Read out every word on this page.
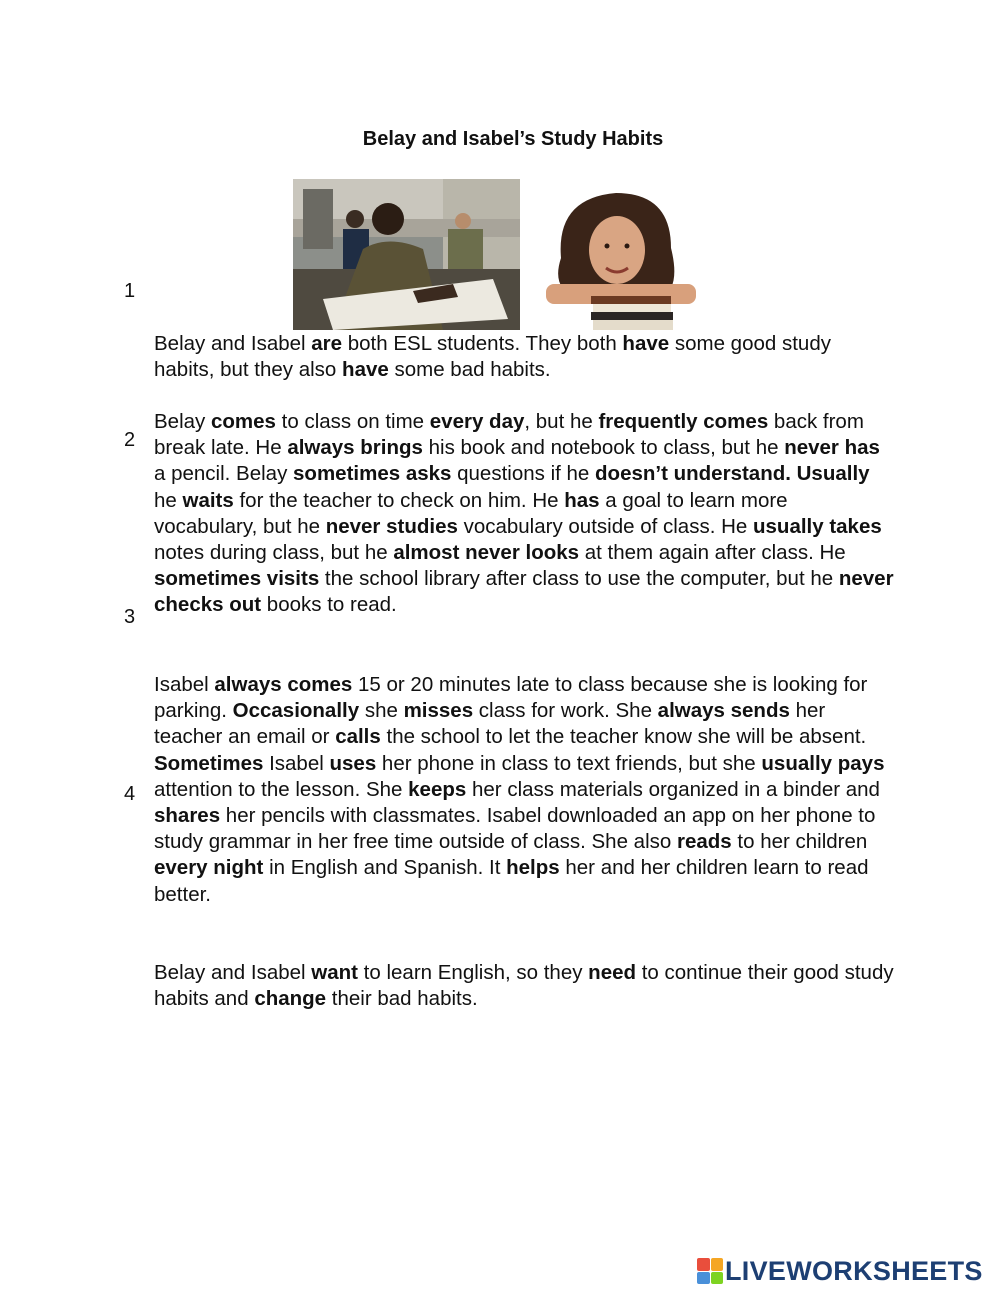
Belay and Isabel’s Study Habits
1
2
3
4

Belay and Isabel are both ESL students. They both have some good study habits, but they also have some bad habits.

Belay comes to class on time every day, but he frequently comes back from break late. He always brings his book and notebook to class, but he never has a pencil. Belay sometimes asks questions if he doesn’t understand. Usually he waits for the teacher to check on him. He has a goal to learn more vocabulary, but he never studies vocabulary outside of class. He usually takes notes during class, but he almost never looks at them again after class. He sometimes visits the school library after class to use the computer, but he never checks out books to read.

Isabel always comes 15 or 20 minutes late to class because she is looking for parking. Occasionally she misses class for work. She always sends her teacher an email or calls the school to let the teacher know she will be absent. Sometimes Isabel uses her phone in class to text friends, but she usually pays attention to the lesson. She keeps her class materials organized in a binder and shares her pencils with classmates. Isabel downloaded an app on her phone to study grammar in her free time outside of class. She also reads to her children every night in English and Spanish. It helps her and her children learn to read better.

Belay and Isabel want to learn English, so they need to continue their good study habits and change their bad habits.

LIVEWORKSHEETS
